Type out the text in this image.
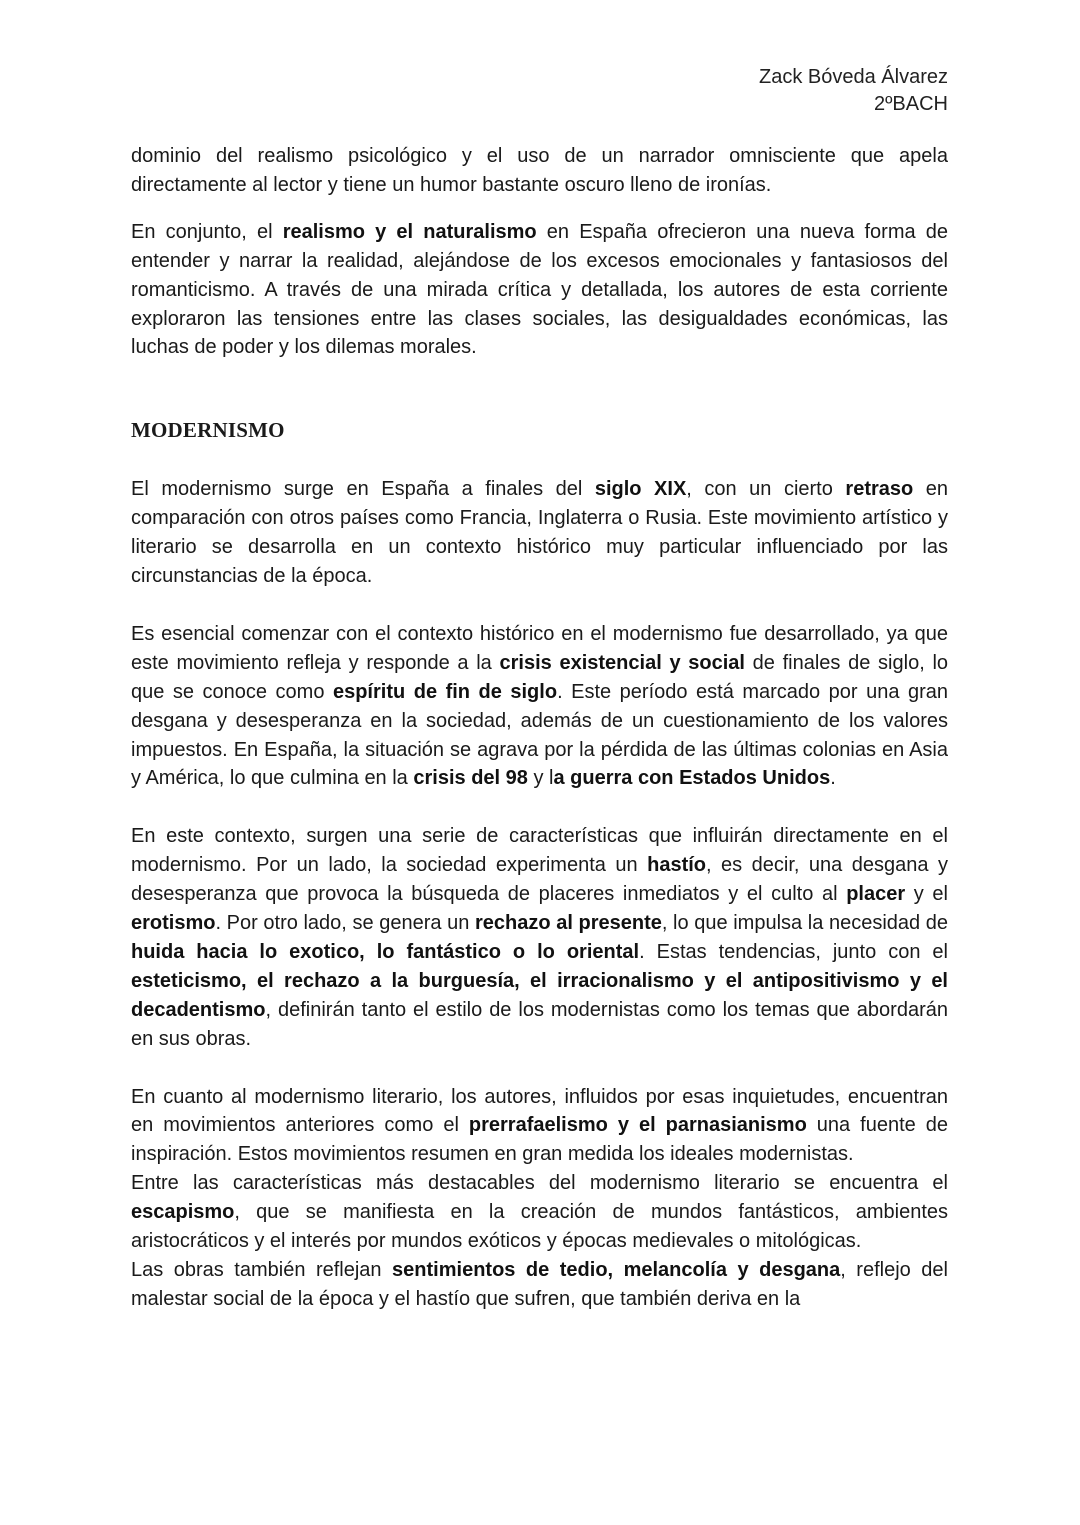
Zack Bóveda Álvarez
2ºBACH

dominio del realismo psicológico y el uso de un narrador omnisciente que apela directamente al lector y tiene un humor bastante oscuro lleno de ironías.

En conjunto, el realismo y el naturalismo en España ofrecieron una nueva forma de entender y narrar la realidad, alejándose de los excesos emocionales y fantasiosos del romanticismo. A través de una mirada crítica y detallada, los autores de esta corriente exploraron las tensiones entre las clases sociales, las desigualdades económicas, las luchas de poder y los dilemas morales.

MODERNISMO

El modernismo surge en España a finales del siglo XIX, con un cierto retraso en comparación con otros países como Francia, Inglaterra o Rusia. Este movimiento artístico y literario se desarrolla en un contexto histórico muy particular influenciado por las circunstancias de la época.

Es esencial comenzar con el contexto histórico en el modernismo fue desarrollado, ya que este movimiento refleja y responde a la crisis existencial y social de finales de siglo, lo que se conoce como espíritu de fin de siglo. Este período está marcado por una gran desgana y desesperanza en la sociedad, además de un cuestionamiento de los valores impuestos. En España, la situación se agrava por la pérdida de las últimas colonias en Asia y América, lo que culmina en la crisis del 98 y la guerra con Estados Unidos.

En este contexto, surgen una serie de características que influirán directamente en el modernismo. Por un lado, la sociedad experimenta un hastío, es decir, una desgana y desesperanza que provoca la búsqueda de placeres inmediatos y el culto al placer y el erotismo. Por otro lado, se genera un rechazo al presente, lo que impulsa la necesidad de huida hacia lo exotico, lo fantástico o lo oriental. Estas tendencias, junto con el esteticismo, el rechazo a la burguesía, el irracionalismo y el antipositivismo y el decadentismo, definirán tanto el estilo de los modernistas como los temas que abordarán en sus obras.

En cuanto al modernismo literario, los autores, influidos por esas inquietudes, encuentran en movimientos anteriores como el prerrafaelismo y el parnasianismo una fuente de inspiración. Estos movimientos resumen en gran medida los ideales modernistas.

Entre las características más destacables del modernismo literario se encuentra el escapismo, que se manifiesta en la creación de mundos fantásticos, ambientes aristocráticos y el interés por mundos exóticos y épocas medievales o mitológicas.

Las obras también reflejan sentimientos de tedio, melancolía y desgana, reflejo del malestar social de la época y el hastío que sufren, que también deriva en la
